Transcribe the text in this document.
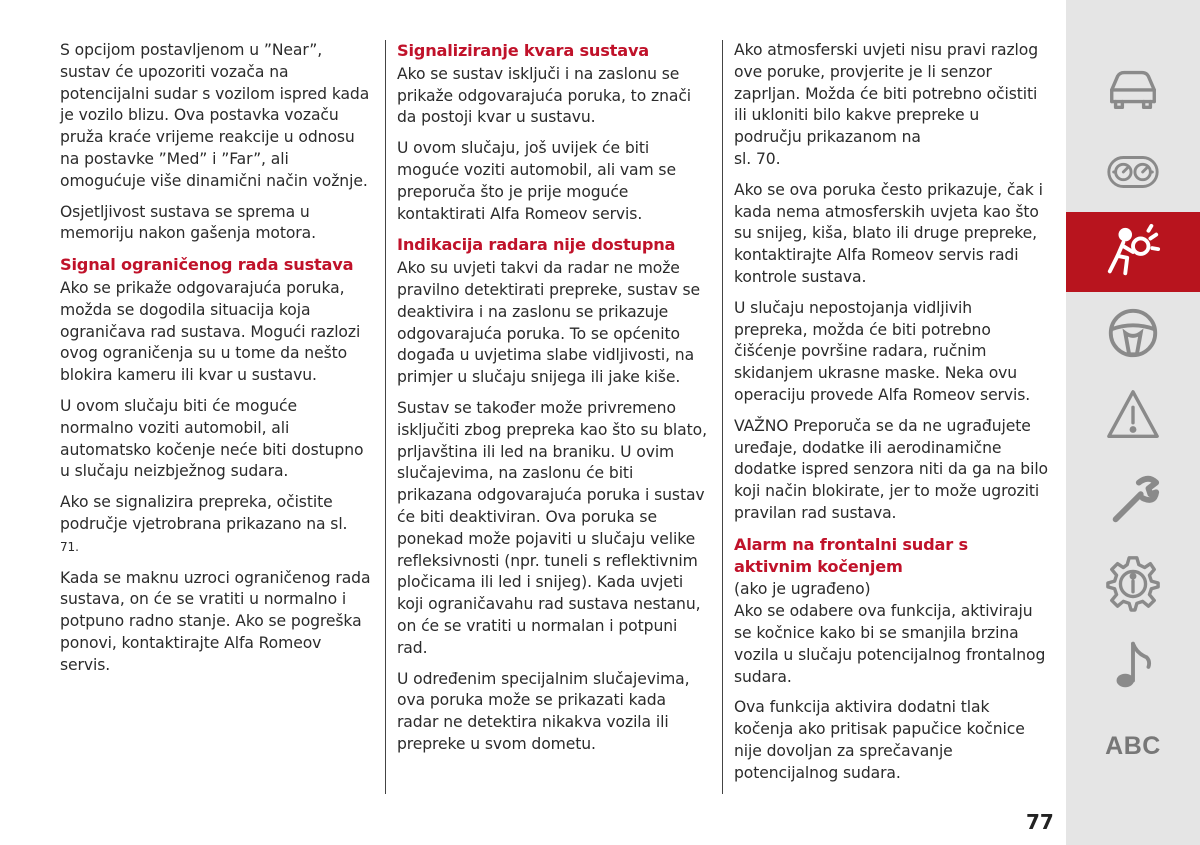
S opcijom postavljenom u ”Near”, sustav će upozoriti vozača na potencijalni sudar s vozilom ispred kada je vozilo blizu. Ova postavka vozaču pruža kraće vrijeme reakcije u odnosu na postavke ”Med” i ”Far”, ali omogućuje više dinamični način vožnje.

Osjetljivost sustava se sprema u memoriju nakon gašenja motora.

Signal ograničenog rada sustava

Ako se prikaže odgovarajuća poruka, možda se dogodila situacija koja ograničava rad sustava. Mogući razlozi ovog ograničenja su u tome da nešto blokira kameru ili kvar u sustavu.

U ovom slučaju biti će moguće normalno voziti automobil, ali automatsko kočenje neće biti dostupno u slučaju neizbježnog sudara.

Ako se signalizira prepreka, očistite područje vjetrobrana prikazano na sl.
71.

Kada se maknu uzroci ograničenog rada sustava, on će se vratiti u normalno i potpuno radno stanje. Ako se pogreška ponovi, kontaktirajte Alfa Romeov servis.

Signaliziranje kvara sustava

Ako se sustav isključi i na zaslonu se prikaže odgovarajuća poruka, to znači da postoji kvar u sustavu.

U ovom slučaju, još uvijek će biti moguće voziti automobil, ali vam se preporuča što je prije moguće kontaktirati Alfa Romeov servis.

Indikacija radara nije dostupna

Ako su uvjeti takvi da radar ne može pravilno detektirati prepreke, sustav se deaktivira i na zaslonu se prikazuje odgovarajuća poruka. To se općenito događa u uvjetima slabe vidljivosti, na primjer u slučaju snijega ili jake kiše.

Sustav se također može privremeno isključiti zbog prepreka kao što su blato, prljavština ili led na braniku. U ovim slučajevima, na zaslonu će biti prikazana odgovarajuća poruka i sustav će biti deaktiviran. Ova poruka se ponekad može pojaviti u slučaju velike refleksivnosti (npr. tuneli s reflektivnim pločicama ili led i snijeg). Kada uvjeti koji ograničavahu rad sustava nestanu, on će se vratiti u normalan i potpuni rad.

U određenim specijalnim slučajevima, ova poruka može se prikazati kada radar ne detektira nikakva vozila ili prepreke u svom dometu.

Ako atmosferski uvjeti nisu pravi razlog ove poruke, provjerite je li senzor zaprljan. Možda će biti potrebno očistiti ili ukloniti bilo kakve prepreke u području prikazanom na
sl. 70.

Ako se ova poruka često prikazuje, čak i kada nema atmosferskih uvjeta kao što su snijeg, kiša, blato ili druge prepreke, kontaktirajte Alfa Romeov servis radi kontrole sustava.

U slučaju nepostojanja vidljivih prepreka, možda će biti potrebno čišćenje površine radara, ručnim skidanjem ukrasne maske. Neka ovu operaciju provede Alfa Romeov servis.

VAŽNO Preporuča se da ne ugrađujete uređaje, dodatke ili aerodinamične dodatke ispred senzora niti da ga na bilo koji način blokirate, jer to može ugroziti pravilan rad sustava.

Alarm na frontalni sudar s aktivnim kočenjem

(ako je ugrađeno)

Ako se odabere ova funkcija, aktiviraju se kočnice kako bi se smanjila brzina vozila u slučaju potencijalnog frontalnog sudara.

Ova funkcija aktivira dodatni tlak kočenja ako pritisak papučice kočnice nije dovoljan za sprečavanje potencijalnog sudara.

ABC
77
